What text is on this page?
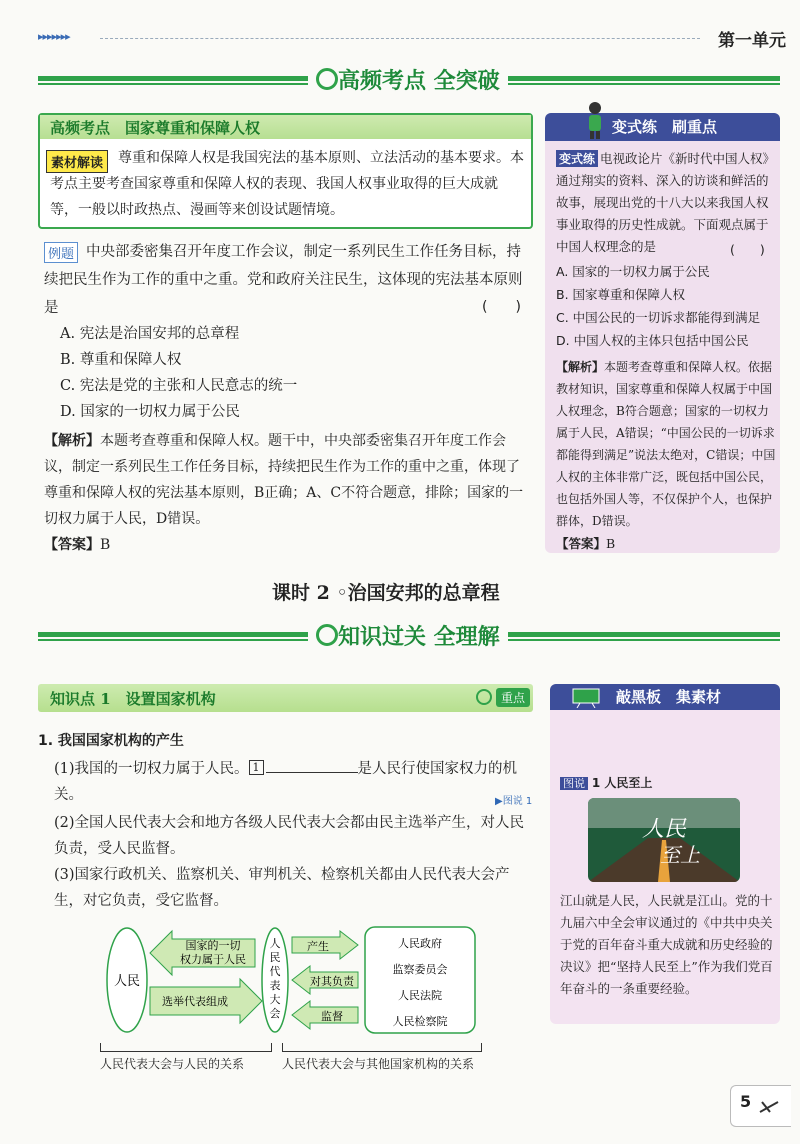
▸▸▸▸▸▸▸	第一单元
高频考点 全突破
高频考点　国家尊重和保障人权
尊重和保障人权是我国宪法的基本原则、立法活动的基本要求。本考点主要考查国家尊重和保障人权的表现、我国人权事业取得的巨大成就等，一般以时政热点、漫画等来创设试题情境。
素材解读
中央部委密集召开年度工作会议，制定一系列民生工作任务目标，持续把民生作为工作的重中之重。党和政府关注民生，这体现的宪法基本原则是
例题
(　　)
A. 宪法是治国安邦的总章程
B. 尊重和保障人权
C. 宪法是党的主张和人民意志的统一
D. 国家的一切权力属于公民
【解析】本题考查尊重和保障人权。题干中，中央部委密集召开年度工作会议，制定一系列民生工作任务目标，持续把民生作为工作的重中之重，体现了尊重和保障人权的宪法基本原则，B正确；A、C不符合题意，排除；国家的一切权力属于人民，D错误。
【答案】B
变式练　刷重点
电视政论片《新时代中国人权》通过翔实的资料、深入的访谈和鲜活的故事，展现出党的十八大以来我国人权事业取得的历史性成就。下面观点属于中国人权理念的是
变式练
(　　)
A. 国家的一切权力属于公民
B. 国家尊重和保障人权
C. 中国公民的一切诉求都能得到满足
D. 中国人权的主体只包括中国公民
【解析】本题考查尊重和保障人权。依据教材知识，国家尊重和保障人权属于中国人权理念，B符合题意；国家的一切权力属于人民，A错误；“中国公民的一切诉求都能得到满足”说法太绝对，C错误；中国人权的主体非常广泛，既包括中国公民，也包括外国人等，不仅保护个人，也保护群体，D错误。
【答案】B
课时 2 ◦治国安邦的总章程
知识过关 全理解
知识点 1　设置国家机构	重点
1. 我国国家机构的产生
(1)我国的一切权力属于人民。 1	是人民行使国家权力的机关。	▶图说 1
(2)全国人民代表大会和地方各级人民代表大会都由民主选举产生，对人民负责，受人民监督。
(3)国家行政机关、监察机关、审判机关、检察机关都由人民代表大会产生，对它负责，受它监督。
人民
国家的一切
权力属于人民
选举代表组成
人
民
代
表
大
会
产生
对其负责
监督
人民政府
监察委员会
人民法院
人民检察院
人民代表大会与人民的关系	人民代表大会与其他国家机构的关系
敲黑板　集素材
图说 1 人民至上
人民
至上
江山就是人民，人民就是江山。党的十九届六中全会审议通过的《中共中央关于党的百年奋斗重大成就和历史经验的决议》把“坚持人民至上”作为我们党百年奋斗的一条重要经验。
5
